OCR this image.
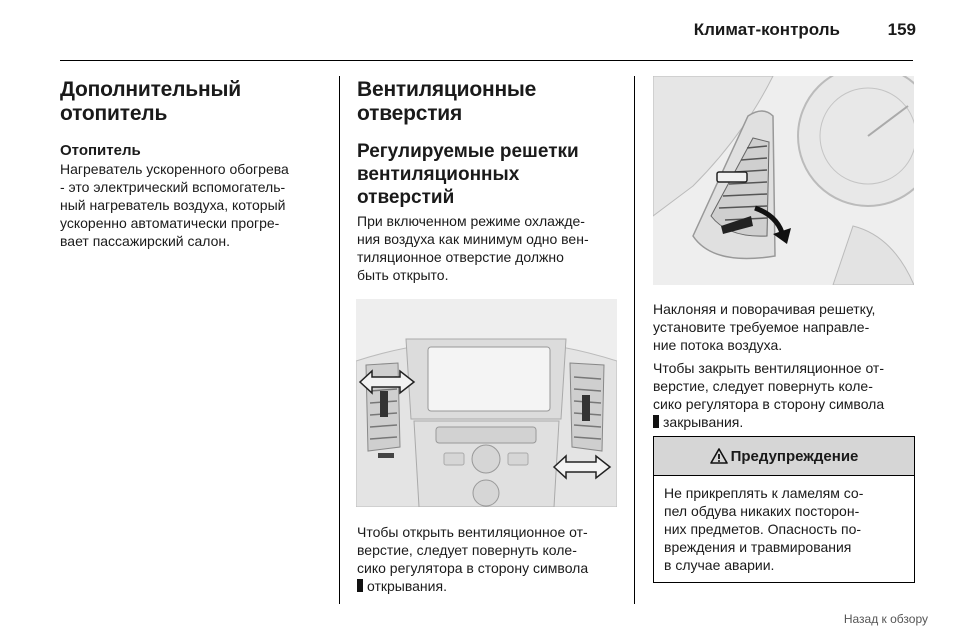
Климат-контроль	159
Дополнительный
отопитель
Отопитель

Нагреватель ускоренного обогрева
- это электрический вспомогатель-
ный нагреватель воздуха, который
ускоренно автоматически прогре-
вает пассажирский салон.

Вентиляционные
отверстия
Регулируемые решетки
вентиляционных
отверстий

При включенном режиме охлажде-
ния воздуха как минимум одно вен-
тиляционное отверстие должно
быть открыто.

Чтобы открыть вентиляционное от-
верстие, следует повернуть коле-
сико регулятора в сторону символа

открывания.

Наклоняя и поворачивая решетку,
установите требуемое направле-
ние потока воздуха.

Чтобы закрыть вентиляционное от-
верстие, следует повернуть коле-
сико регулятора в сторону символа

закрывания.

Предупреждение
Не прикреплять к ламелям со-
пел обдува никаких посторон-
них предметов. Опасность по-
вреждения и травмирования
в случае аварии.
Назад к обзору
